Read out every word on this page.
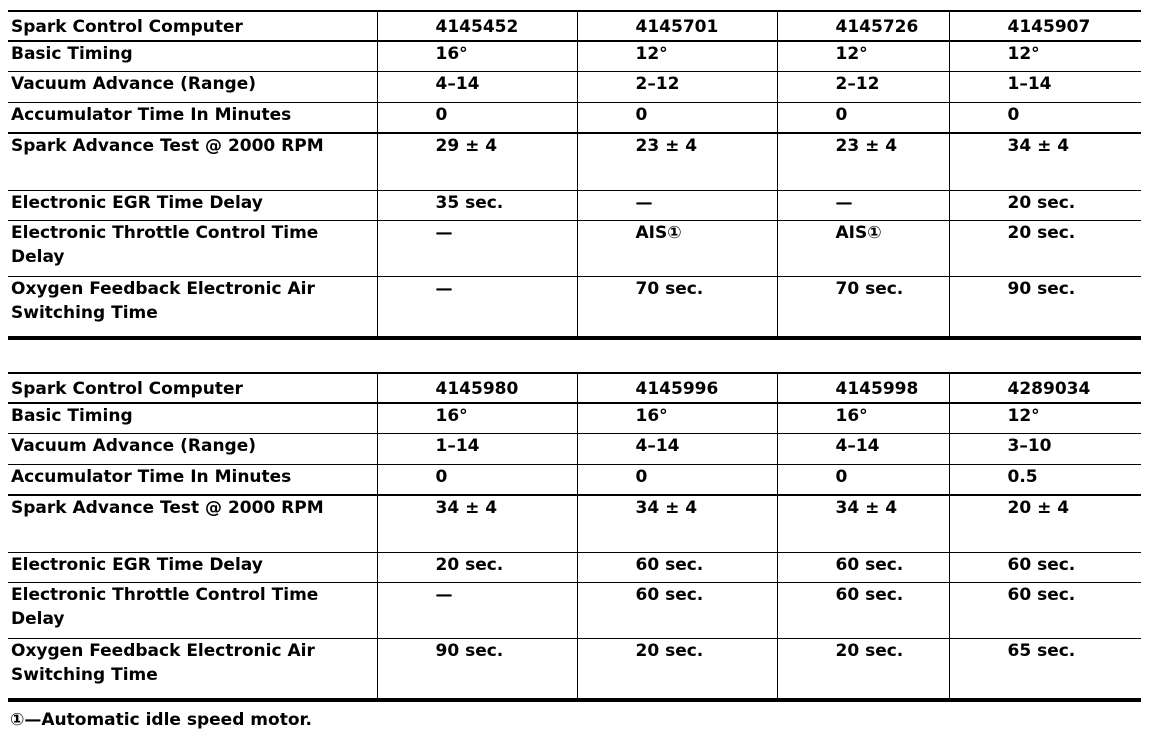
Spark Control Computer	4145452	4145701	4145726	4145907
Basic Timing	16°	12°	12°	12°
Vacuum Advance (Range)	4–14	2–12	2–12	1–14
Accumulator Time In Minutes	0	0	0	0
Spark Advance Test @ 2000 RPM	29 ± 4	23 ± 4	23 ± 4	34 ± 4
Electronic EGR Time Delay	35 sec.	—	—	20 sec.
Electronic Throttle Control Time Delay	—	AIS①	AIS①	20 sec.
Oxygen Feedback Electronic Air Switching Time	—	70 sec.	70 sec.	90 sec.
Spark Control Computer	4145980	4145996	4145998	4289034
Basic Timing	16°	16°	16°	12°
Vacuum Advance (Range)	1–14	4–14	4–14	3–10
Accumulator Time In Minutes	0	0	0	0.5
Spark Advance Test @ 2000 RPM	34 ± 4	34 ± 4	34 ± 4	20 ± 4
Electronic EGR Time Delay	20 sec.	60 sec.	60 sec.	60 sec.
Electronic Throttle Control Time Delay	—	60 sec.	60 sec.	60 sec.
Oxygen Feedback Electronic Air Switching Time	90 sec.	20 sec.	20 sec.	65 sec.
①—Automatic idle speed motor.
